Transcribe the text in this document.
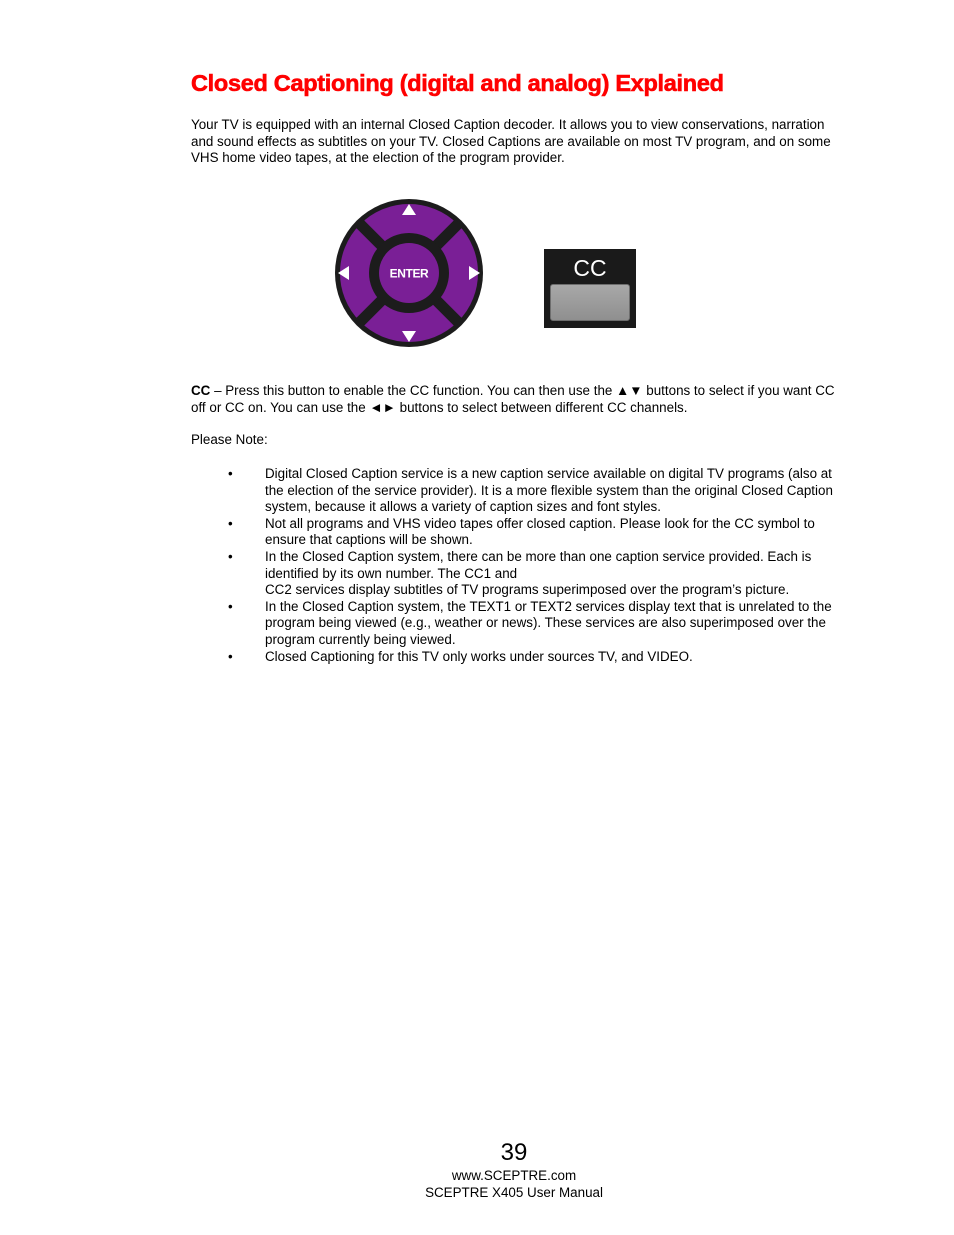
Closed Captioning (digital and analog) Explained

Your TV is equipped with an internal Closed Caption decoder. It allows you to view conservations, narration and sound effects as subtitles on your TV. Closed Captions are available on most TV program, and on some VHS home video tapes, at the election of the program provider.

ENTER	CC

CC – Press this button to enable the CC function. You can then use the ▲▼ buttons to select if you want CC off or CC on. You can use the ◄► buttons to select between different CC channels.

Please Note:

• Digital Closed Caption service is a new caption service available on digital TV programs (also at the election of the service provider). It is a more flexible system than the original Closed Caption system, because it allows a variety of caption sizes and font styles.
• Not all programs and VHS video tapes offer closed caption. Please look for the CC symbol to ensure that captions will be shown.
• In the Closed Caption system, there can be more than one caption service provided. Each is identified by its own number. The CC1 and
CC2 services display subtitles of TV programs superimposed over the program’s picture.
• In the Closed Caption system, the TEXT1 or TEXT2 services display text that is unrelated to the program being viewed (e.g., weather or news). These services are also superimposed over the program currently being viewed.
• Closed Captioning for this TV only works under sources TV, and VIDEO.
39
www.SCEPTRE.com
SCEPTRE X405 User Manual
